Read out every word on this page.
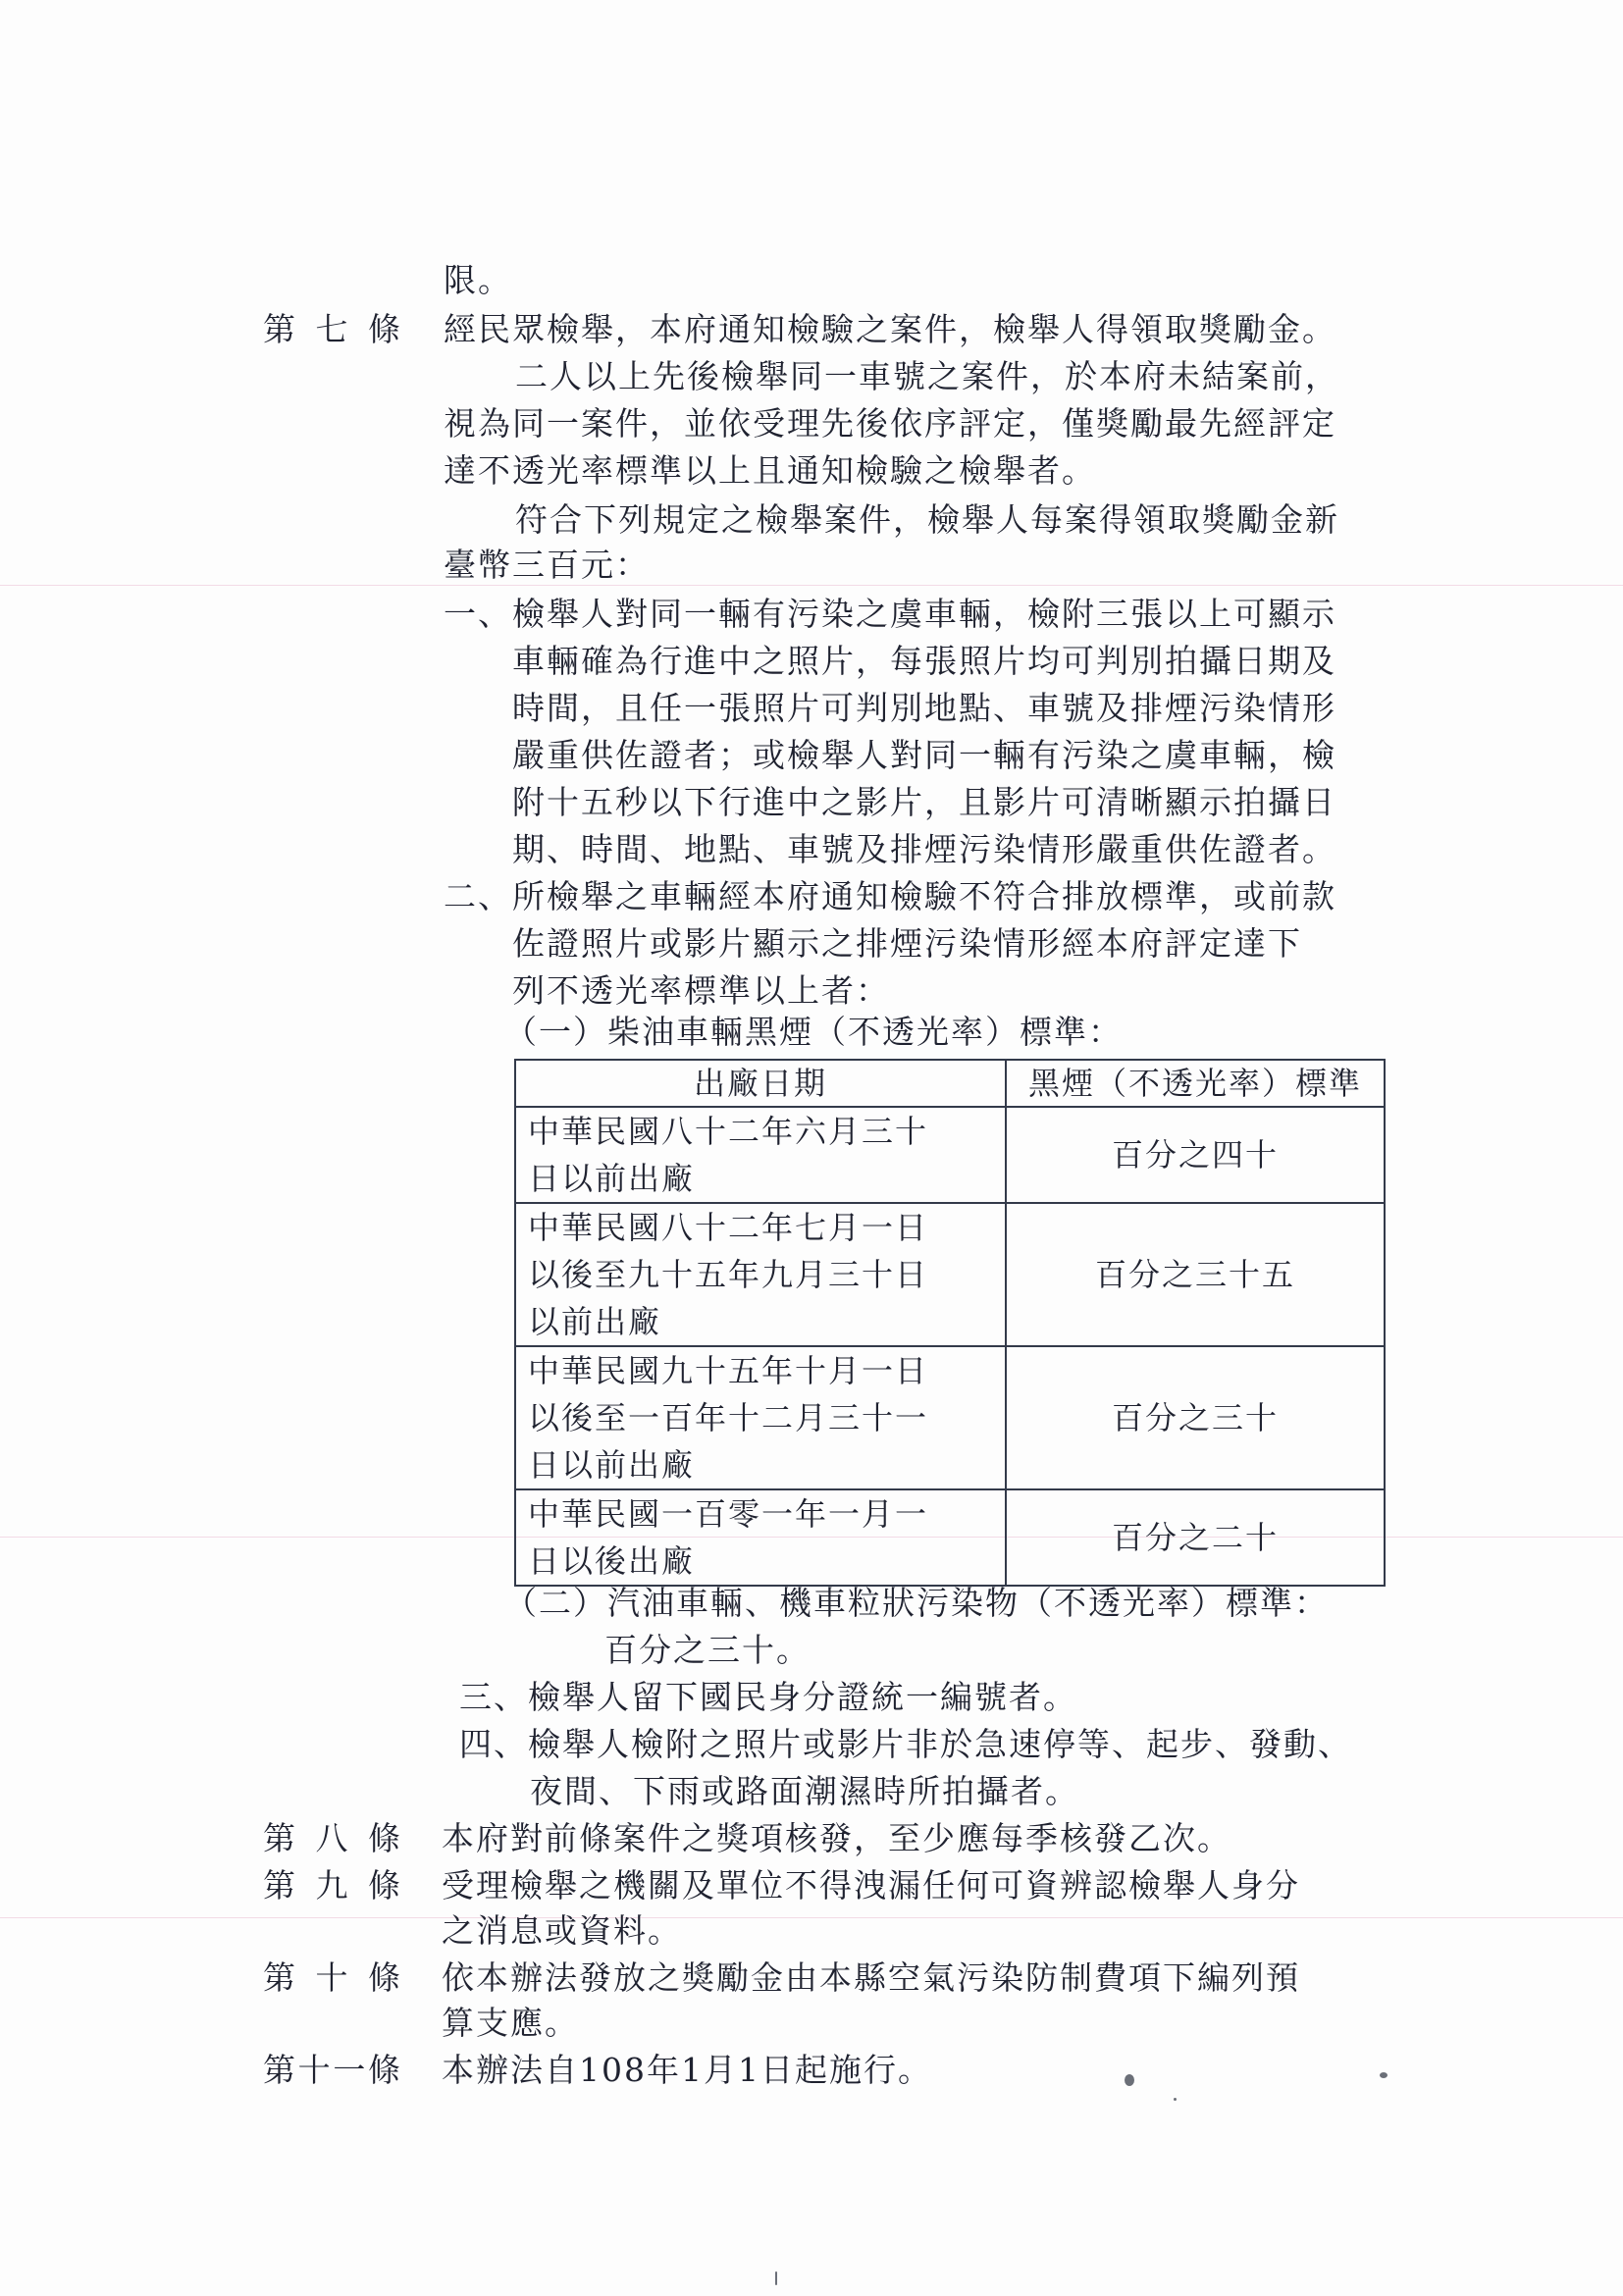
限。
第 七 條 經民眾檢舉，本府通知檢驗之案件，檢舉人得領取獎勵金。
二人以上先後檢舉同一車號之案件，於本府未結案前，
視為同一案件，並依受理先後依序評定，僅獎勵最先經評定
達不透光率標準以上且通知檢驗之檢舉者。
符合下列規定之檢舉案件，檢舉人每案得領取獎勵金新
臺幣三百元：
一、檢舉人對同一輛有污染之虞車輛，檢附三張以上可顯示
車輛確為行進中之照片，每張照片均可判別拍攝日期及
時間，且任一張照片可判別地點、車號及排煙污染情形
嚴重供佐證者；或檢舉人對同一輛有污染之虞車輛，檢
附十五秒以下行進中之影片，且影片可清晰顯示拍攝日
期、時間、地點、車號及排煙污染情形嚴重供佐證者。
二、所檢舉之車輛經本府通知檢驗不符合排放標準，或前款
佐證照片或影片顯示之排煙污染情形經本府評定達下
列不透光率標準以上者：
（一）柴油車輛黑煙（不透光率）標準：
出廠日期	黑煙（不透光率）標準

中華民國八十二年六月三十
日以前出廠	百分之四十

中華民國八十二年七月一日
以後至九十五年九月三十日
以前出廠	百分之三十五

中華民國九十五年十月一日
以後至一百年十二月三十一
日以前出廠	百分之三十

中華民國一百零一年一月一
日以後出廠	百分之二十
（二）汽油車輛、機車粒狀污染物（不透光率）標準：
百分之三十。
三、檢舉人留下國民身分證統一編號者。
四、檢舉人檢附之照片或影片非於急速停等、起步、發動、
夜間、下雨或路面潮濕時所拍攝者。
第 八 條 本府對前條案件之獎項核發，至少應每季核發乙次。
第 九 條 受理檢舉之機關及單位不得洩漏任何可資辨認檢舉人身分
之消息或資料。
第 十 條 依本辦法發放之獎勵金由本縣空氣污染防制費項下編列預
算支應。
第 十 一 條 本辦法自108年1月1日起施行。
